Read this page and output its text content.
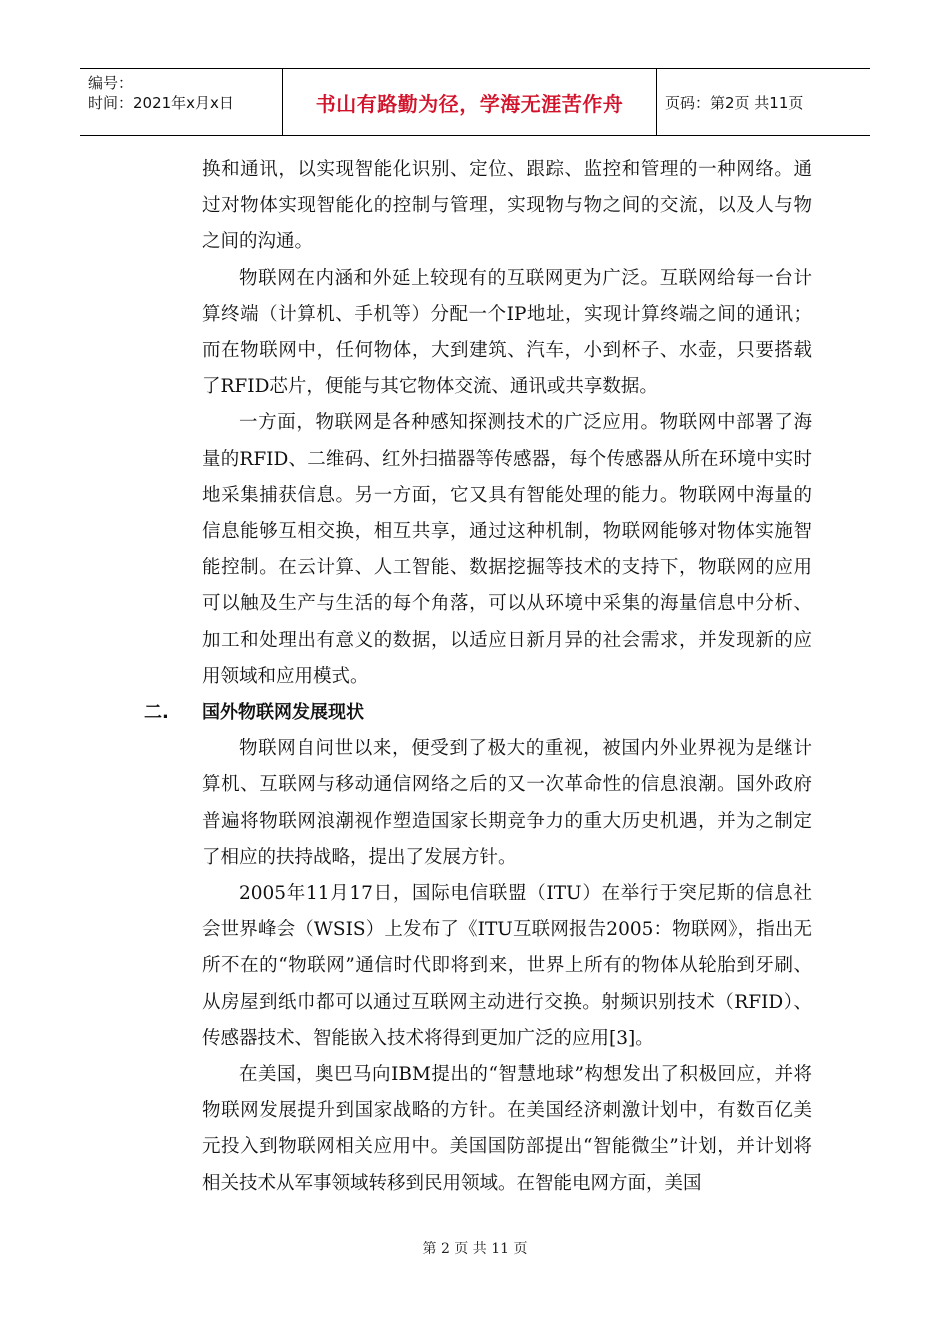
编号：
时间：2021年x月x日	书山有路勤为径，学海无涯苦作舟	页码：第2页 共11页

换和通讯，以实现智能化识别、定位、跟踪、监控和管理的一种网络。通过对物体实现智能化的控制与管理，实现物与物之间的交流，以及人与物之间的沟通。

物联网在内涵和外延上较现有的互联网更为广泛。互联网给每一台计算终端（计算机、手机等）分配一个IP地址，实现计算终端之间的通讯；而在物联网中，任何物体，大到建筑、汽车，小到杯子、水壶，只要搭载了RFID芯片，便能与其它物体交流、通讯或共享数据。

一方面，物联网是各种感知探测技术的广泛应用。物联网中部署了海量的RFID、二维码、红外扫描器等传感器，每个传感器从所在环境中实时地采集捕获信息。另一方面，它又具有智能处理的能力。物联网中海量的信息能够互相交换，相互共享，通过这种机制，物联网能够对物体实施智能控制。在云计算、人工智能、数据挖掘等技术的支持下，物联网的应用可以触及生产与生活的每个角落，可以从环境中采集的海量信息中分析、加工和处理出有意义的数据，以适应日新月异的社会需求，并发现新的应用领域和应用模式。

二.	国外物联网发展现状

物联网自问世以来，便受到了极大的重视，被国内外业界视为是继计算机、互联网与移动通信网络之后的又一次革命性的信息浪潮。国外政府普遍将物联网浪潮视作塑造国家长期竞争力的重大历史机遇，并为之制定了相应的扶持战略，提出了发展方针。

2005年11月17日，国际电信联盟（ITU）在举行于突尼斯的信息社会世界峰会（WSIS）上发布了《ITU互联网报告2005：物联网》，指出无所不在的“物联网”通信时代即将到来，世界上所有的物体从轮胎到牙刷、从房屋到纸巾都可以通过互联网主动进行交换。射频识别技术（RFID）、传感器技术、智能嵌入技术将得到更加广泛的应用[3]。

在美国，奥巴马向IBM提出的“智慧地球”构想发出了积极回应，并将物联网发展提升到国家战略的方针。在美国经济刺激计划中，有数百亿美元投入到物联网相关应用中。美国国防部提出“智能微尘”计划，并计划将相关技术从军事领域转移到民用领域。在智能电网方面，美国

第 2 页 共 11 页
